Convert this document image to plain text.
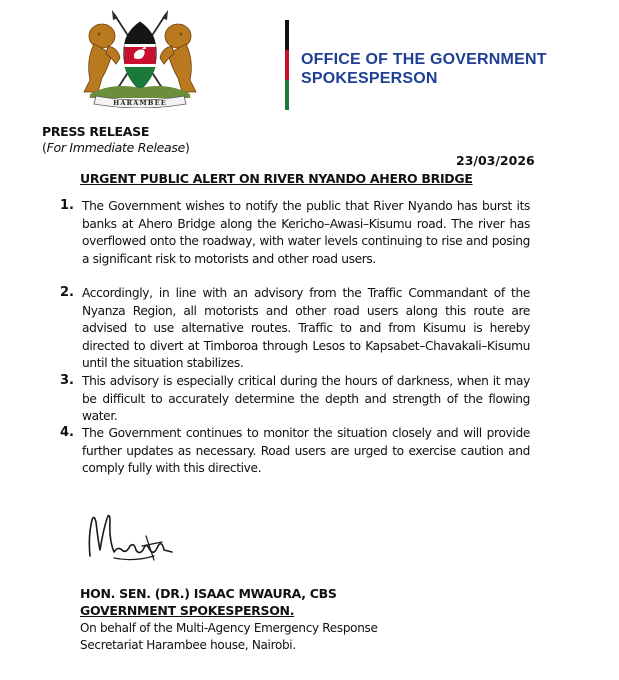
HARAMBEE
OFFICE OF THE GOVERNMENT
SPOKESPERSON
PRESS RELEASE
(For Immediate Release)
23/03/2026
URGENT PUBLIC ALERT ON RIVER NYANDO AHERO BRIDGE
1. The Government wishes to notify the public that River Nyando has burst its banks at Ahero Bridge along the Kericho–Awasi–Kisumu road. The river has overflowed onto the roadway, with water levels continuing to rise and posing a significant risk to motorists and other road users.

2. Accordingly, in line with an advisory from the Traffic Commandant of the Nyanza Region, all motorists and other road users along this route are advised to use alternative routes. Traffic to and from Kisumu is hereby directed to divert at Timboroa through Lesos to Kapsabet–Chavakali–Kisumu until the situation stabilizes.

3. This advisory is especially critical during the hours of darkness, when it may be difficult to accurately determine the depth and strength of the flowing water.

4. The Government continues to monitor the situation closely and will provide further updates as necessary. Road users are urged to exercise caution and comply fully with this directive.

HON. SEN. (DR.) ISAAC MWAURA, CBS
GOVERNMENT SPOKESPERSON.
On behalf of the Multi-Agency Emergency Response
Secretariat Harambee house, Nairobi.
